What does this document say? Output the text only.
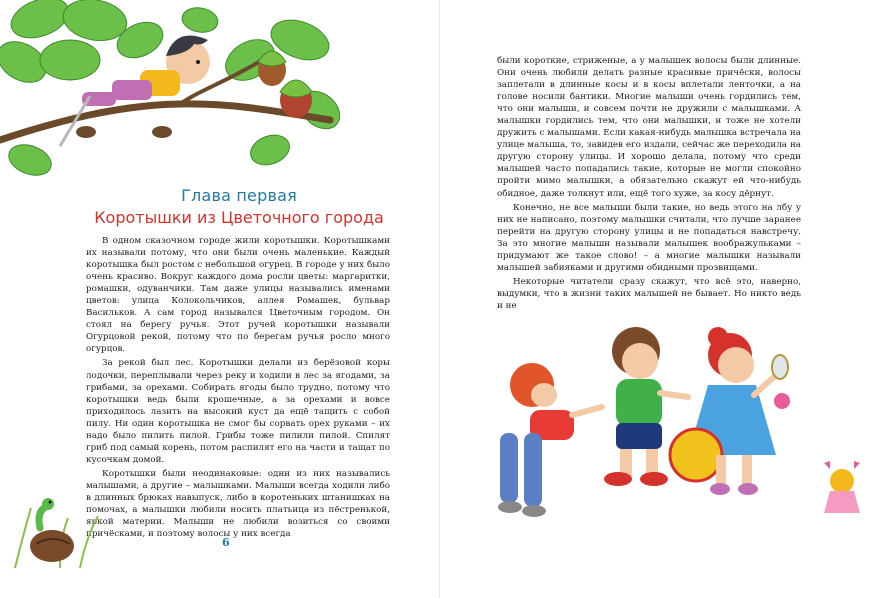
Глава первая
Коротышки из Цветочного города

В одном сказочном городе жили коротышки. Коротышками их называли потому, что они были очень маленькие. Каждый коротышка был ростом с небольшой огурец. В городе у них было очень красиво. Вокруг каждого дома росли цветы: маргаритки, ромашки, одуванчики. Там даже улицы назывались именами цветов: улица Колокольчиков, аллея Ромашек, бульвар Васильков. А сам город назывался Цветочным городом. Он стоял на берегу ручья. Этот ручей коротышки называли Огурцовой рекой, потому что по берегам ручья росло много огурцов.

За рекой был лес. Коротышки делали из берёзовой коры лодочки, переплывали через реку и ходили в лес за ягодами, за грибами, за орехами. Собирать ягоды было трудно, потому что коротышки ведь были крошечные, а за орехами и вовсе приходилось лазить на высокий куст да ещё тащить с собой пилу. Ни один коротышка не смог бы сорвать орех руками – их надо было пилить пилой. Грибы тоже пилили пилой. Спилят гриб под самый корень, потом распилят его на части и тащат по кусочкам домой.

Коротышки были неодинаковые: одни из них назывались малышами, а другие – малышками. Малыши всегда ходили либо в длинных брюках навыпуск, либо в коротеньких штанишках на помочах, а малышки любили носить платьица из пёстренькой, яркой материи. Малыши не любили возиться со своими причёсками, и поэтому волосы у них всегда

6

были короткие, стриженые, а у малышек волосы были длинные. Они очень любили делать разные красивые причёски, волосы заплетали в длинные косы и в косы вплетали ленточки, а на голове носили бантики. Многие малыши очень гордились тем, что они малыши, и совсем почти не дружили с малышками. А малышки гордились тем, что они малышки, и тоже не хотели дружить с малышами. Если какая-нибудь малышка встречала на улице малыша, то, завидев его издали, сейчас же переходила на другую сторону улицы. И хорошо делала, потому что среди малышей часто попадались такие, которые не могли спокойно пройти мимо малышки, а обязательно скажут ей что-нибудь обидное, даже толкнут или, ещё того хуже, за косу дёрнут.

Конечно, не все малыши были такие, но ведь этого на лбу у них не написано, поэтому малышки считали, что лучше заранее перейти на другую сторону улицы и не попадаться навстречу. За это многие малыши называли малышек воображульками – придумают же такое слово! – а многие малышки называли малышей забияками и другими обидными прозвищами.

Некоторые читатели сразу скажут, что всё это, наверно, выдумки, что в жизни таких малышей не бывает. Но никто ведь и не
